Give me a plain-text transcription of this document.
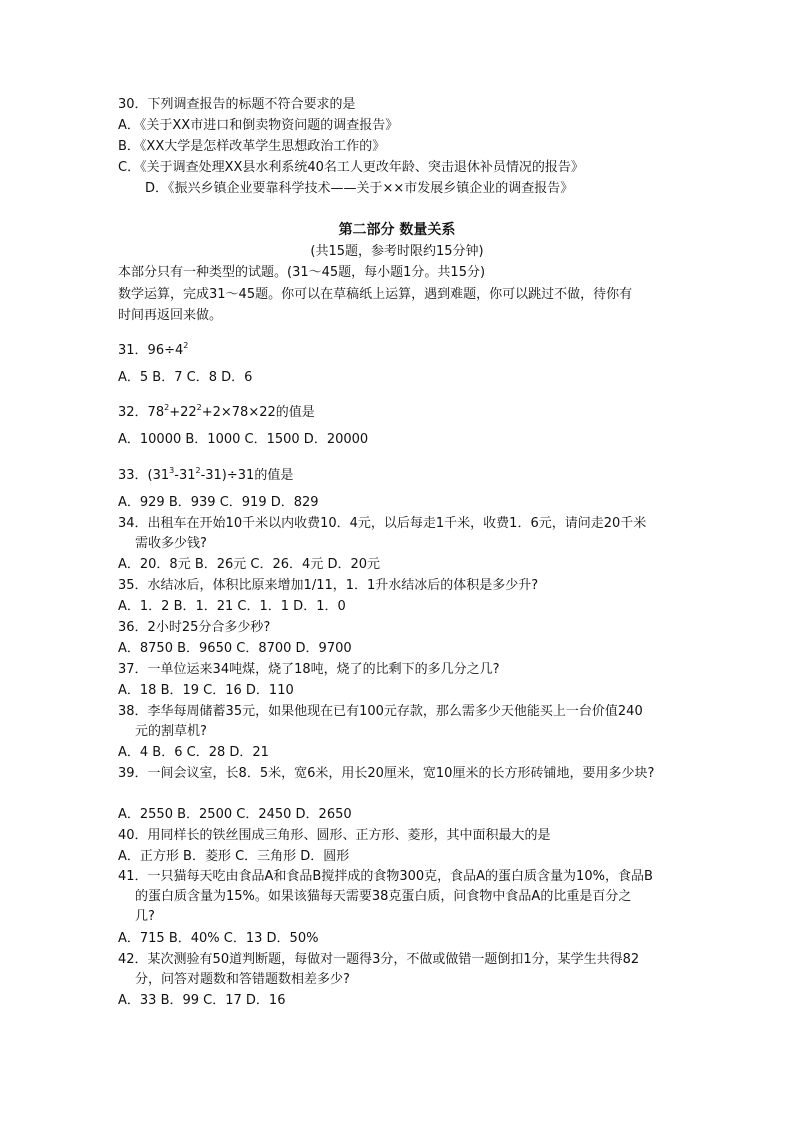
30．下列调查报告的标题不符合要求的是
A．《关于XX市进口和倒卖物资问题的调查报告》
B．《XX大学是怎样改革学生思想政治工作的》
C．《关于调查处理XX县水利系统40名工人更改年龄、突击退休补员情况的报告》
D．《振兴乡镇企业要靠科学技术——关于××市发展乡镇企业的调查报告》
第二部分 数量关系
(共15题，参考时限约15分钟)
本部分只有一种类型的试题。(31～45题，每小题1分。共15分)
数学运算，完成31～45题。你可以在草稿纸上运算，遇到难题，你可以跳过不做，待你有
时间再返回来做。
31．$96\div 4^2$
A．5 B．7 C．8 D．6
32．$78^2+22^2+2\times 78\times 22$的值是
A．10000 B．1000 C．1500 D．20000
33．$(31^3-31^2-31)\div 31$的值是
A．929 B．939 C．919 D．829
34．出租车在开始10千米以内收费10．4元，以后每走1千米，收费1．6元，请问走20千米
需收多少钱?
A．20．8元 B．26元 C．26．4元 D．20元
35．水结冰后，体积比原来增加1/11，1．1升水结冰后的体积是多少升?
A．1．2 B．1．21 C．1．1 D．1．0
36．2小时25分合多少秒?
A．8750 B．9650 C．8700 D．9700
37．一单位运来34吨煤，烧了18吨，烧了的比剩下的多几分之几?
A．18 B．19 C．16 D．110
38．李华每周储蓄35元，如果他现在已有100元存款，那么需多少天他能买上一台价值240
元的割草机?
A．4 B．6 C．28 D．21
39．一间会议室，长8．5米，宽6米，用长20厘米，宽10厘米的长方形砖铺地，要用多少块?
A．2550 B．2500 C．2450 D．2650
40．用同样长的铁丝围成三角形、圆形、正方形、菱形，其中面积最大的是
A．正方形 B．菱形 C．三角形 D．圆形
41．一只猫每天吃由食品A和食品B搅拌成的食物300克，食品A的蛋白质含量为10%，食品B
的蛋白质含量为15%。如果该猫每天需要38克蛋白质，问食物中食品A的比重是百分之
几?
A．715 B．40% C．13 D．50%
42．某次测验有50道判断题，每做对一题得3分，不做或做错一题倒扣1分，某学生共得82
分，问答对题数和答错题数相差多少?
A．33 B．99 C．17 D．16
